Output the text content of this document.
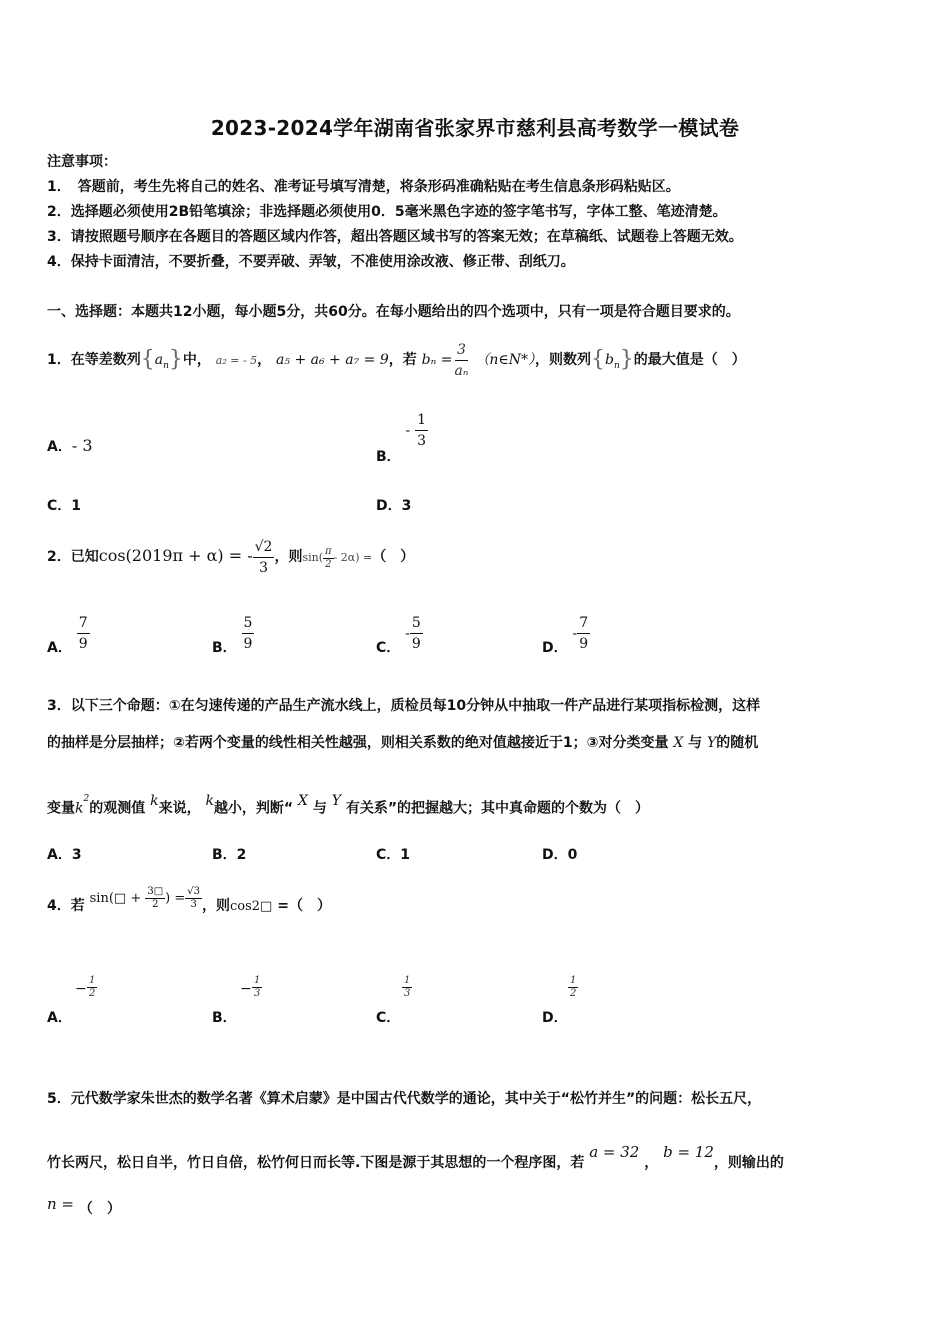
2023-2024学年湖南省张家界市慈利县高考数学一模试卷
注意事项：
1．　答题前，考生先将自己的姓名、准考证号填写清楚，将条形码准确粘贴在考生信息条形码粘贴区。
2．选择题必须使用2B铅笔填涂；非选择题必须使用0．5毫米黑色字迹的签字笔书写，字体工整、笔迹清楚。
3．请按照题号顺序在各题目的答题区域内作答，超出答题区域书写的答案无效；在草稿纸、试题卷上答题无效。
4．保持卡面清洁，不要折叠，不要弄破、弄皱，不准使用涂改液、修正带、刮纸刀。
一、选择题：本题共12小题，每小题5分，共60分。在每小题给出的四个选项中，只有一项是符合题目要求的。
1．在等差数列$\{a_n\}$中， a₂ = - 5， a₅ + a₆ + a₇ = 9，若 $b_n = \frac{3}{\text{aₙ}}$ （n∈N*），则数列$\{b_n\}$的最大值是（　）
A．- 3
B． - $\frac{1}{3}$
C．1	D．3
2．已知cos(2019π + α) = - $\frac{√2}{3}$ ，则$\sin( \frac{\pi}{2} - 2\alpha)$ =（　）
A． $\frac{7}{9}$	B． $\frac{5}{9}$	C． - $\frac{5}{9}$	D． - $\frac{7}{9}$
3．以下三个命题：①在匀速传递的产品生产流水线上，质检员每10分钟从中抽取一件产品进行某项指标检测，这样
的抽样是分层抽样；②若两个变量的线性相关性越强，则相关系数的绝对值越接近于1；③对分类变量 X 与 Y的随机
变量$k^2$的观测值 k来说， k越小，判断“ X 与 Y 有关系”的把握越大；其中真命题的个数为（　）
A．3	B．2	C．1	D．0
4．若 sin(□ + $\frac{3□}{2}$ ) = $\frac{√3}{3}$ ，则cos2□ =（　）
A．
− $\frac{1}{2}$
B．
− $\frac{1}{3}$
C．
$\frac{1}{3}$
D．
$\frac{1}{2}$
5．元代数学家朱世杰的数学名著《算术启蒙》是中国古代代数学的通论，其中关于“松竹并生”的问题：松长五尺，
竹长两尺，松日自半，竹日自倍，松竹何日而长等.下图是源于其思想的一个程序图，若 a = 32 ， b = 12，则输出的
n = （　）
